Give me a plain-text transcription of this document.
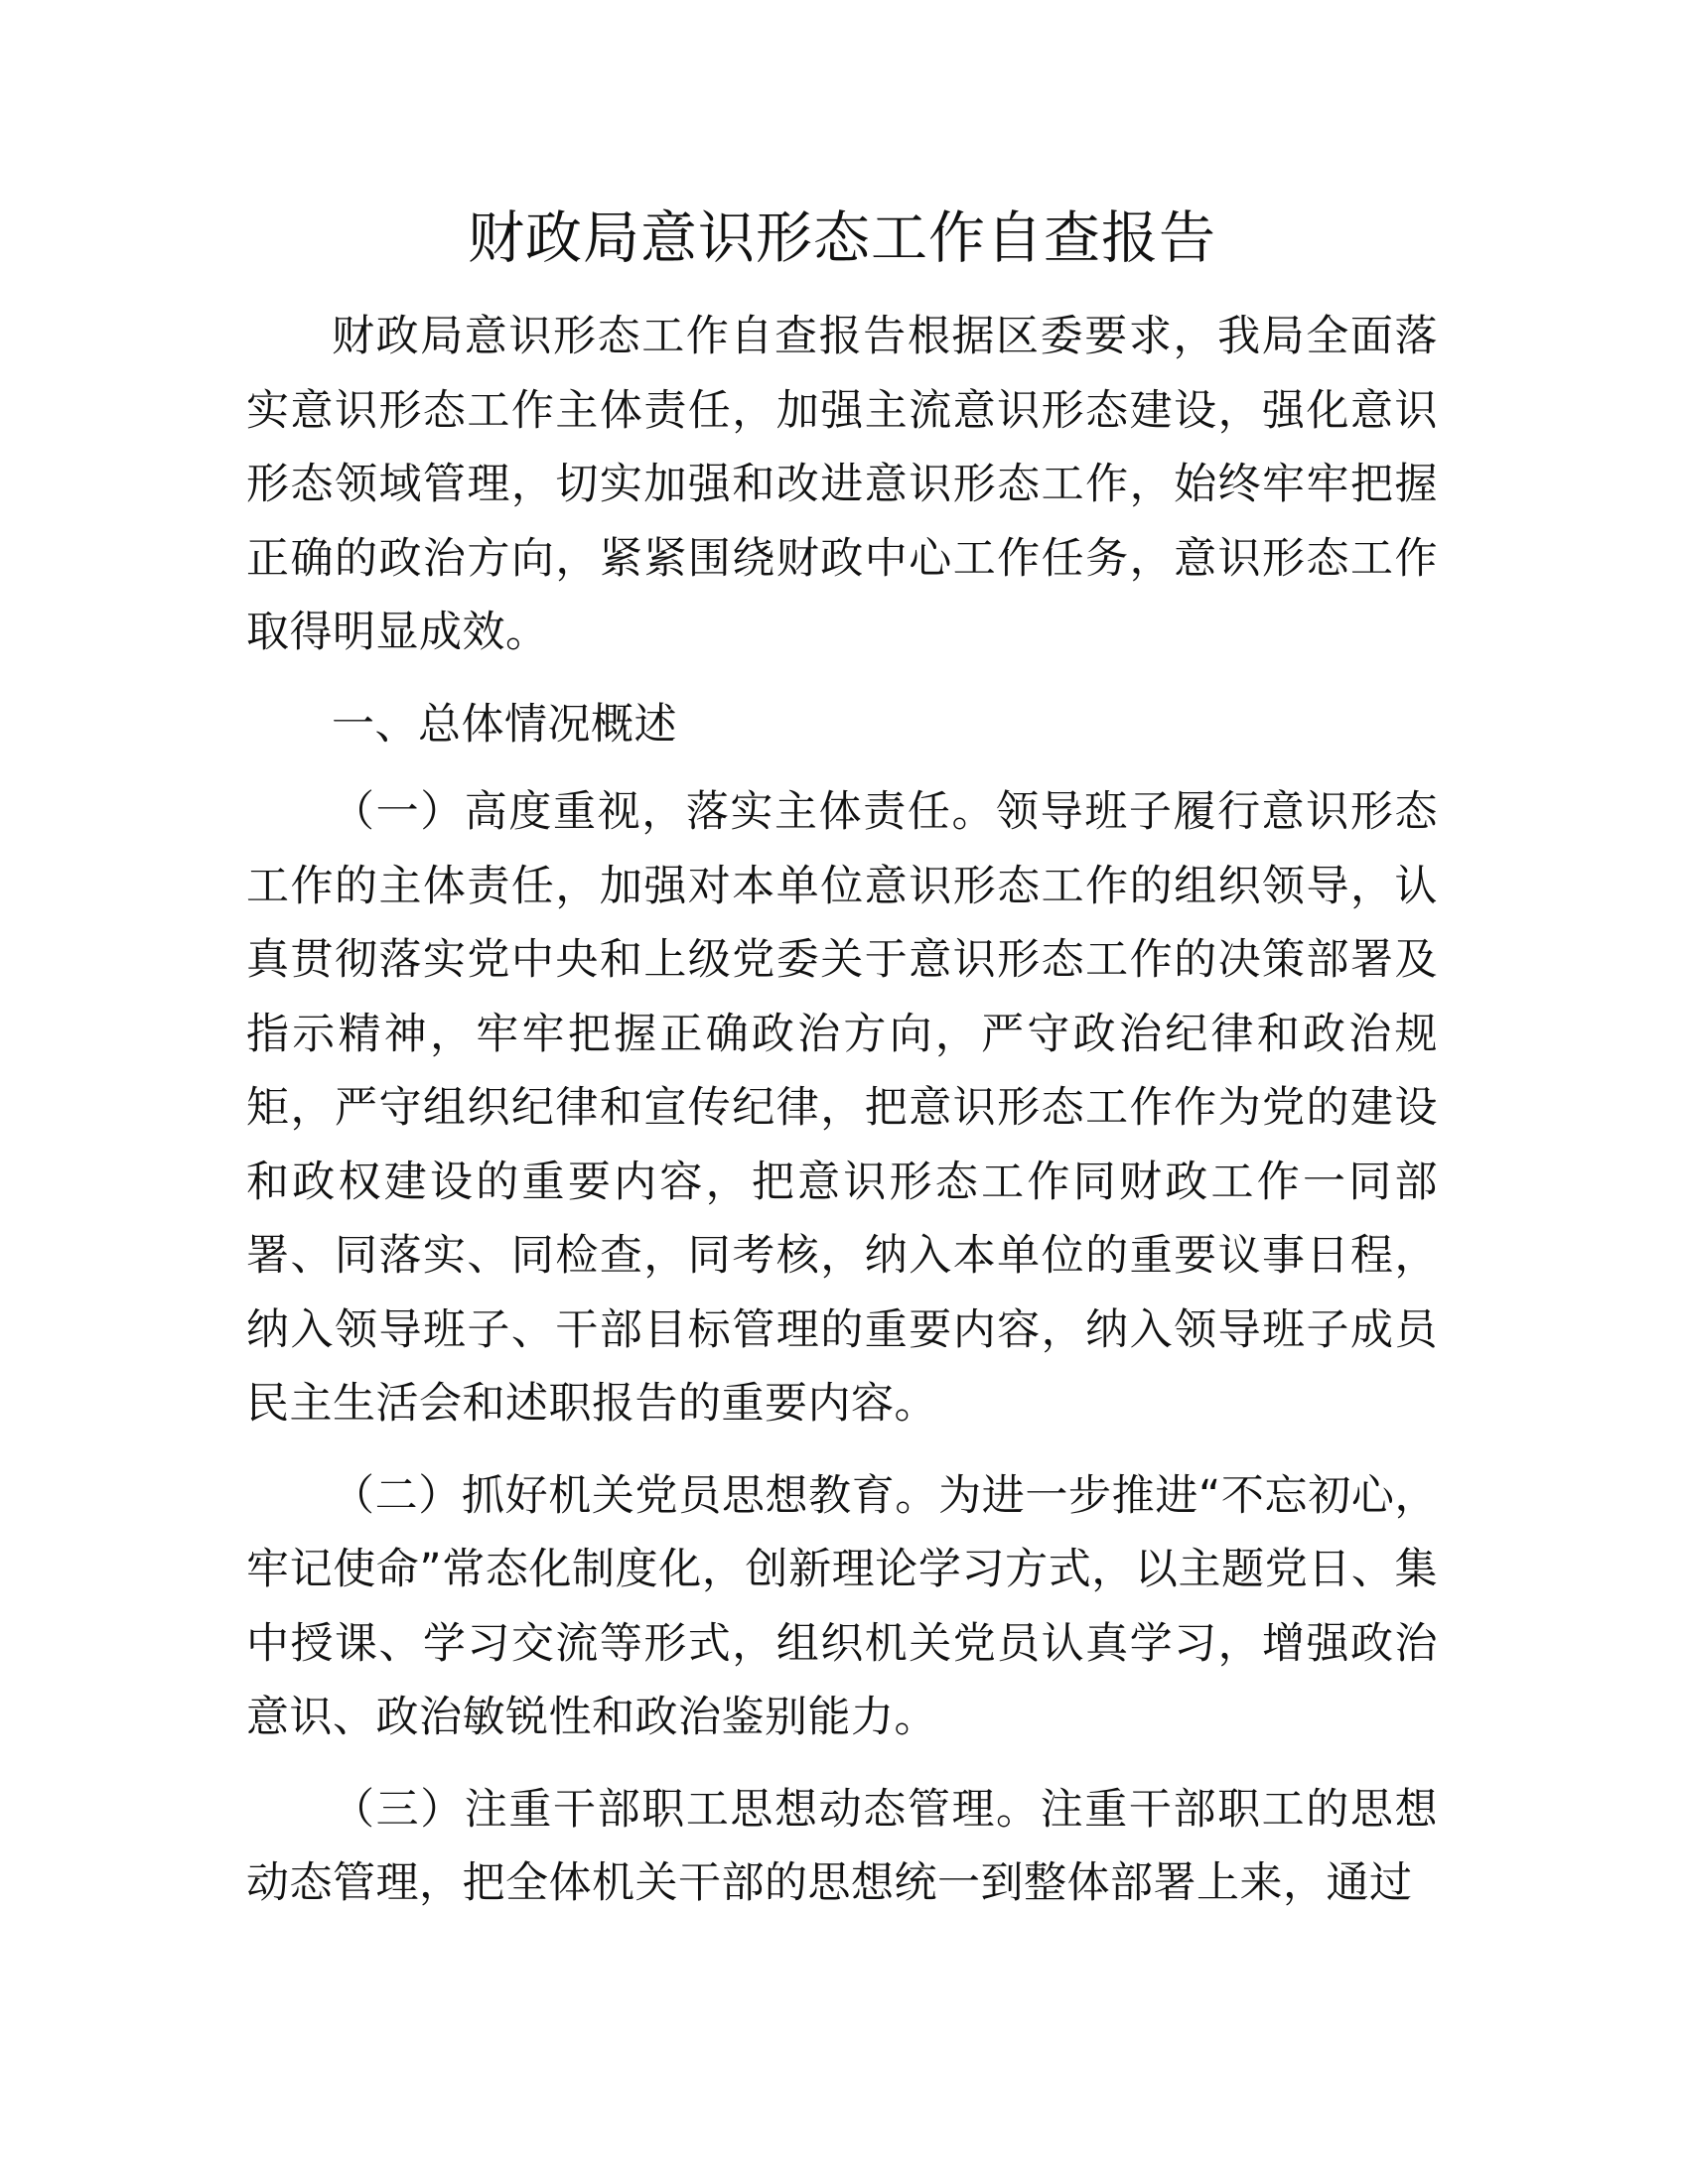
财政局意识形态工作自查报告

财政局意识形态工作自查报告根据区委要求，我局全面落实意识形态工作主体责任，加强主流意识形态建设，强化意识形态领域管理，切实加强和改进意识形态工作，始终牢牢把握正确的政治方向，紧紧围绕财政中心工作任务，意识形态工作取得明显成效。

一、总体情况概述

（一）高度重视，落实主体责任。领导班子履行意识形态工作的主体责任，加强对本单位意识形态工作的组织领导，认真贯彻落实党中央和上级党委关于意识形态工作的决策部署及指示精神，牢牢把握正确政治方向，严守政治纪律和政治规矩，严守组织纪律和宣传纪律，把意识形态工作作为党的建设和政权建设的重要内容，把意识形态工作同财政工作一同部署、同落实、同检查，同考核，纳入本单位的重要议事日程，纳入领导班子、干部目标管理的重要内容，纳入领导班子成员民主生活会和述职报告的重要内容。

（二）抓好机关党员思想教育。为进一步推进“不忘初心，牢记使命”常态化制度化，创新理论学习方式，以主题党日、集中授课、学习交流等形式，组织机关党员认真学习，增强政治意识、政治敏锐性和政治鉴别能力。

（三）注重干部职工思想动态管理。注重干部职工的思想动态管理，把全体机关干部的思想统一到整体部署上来，通过
